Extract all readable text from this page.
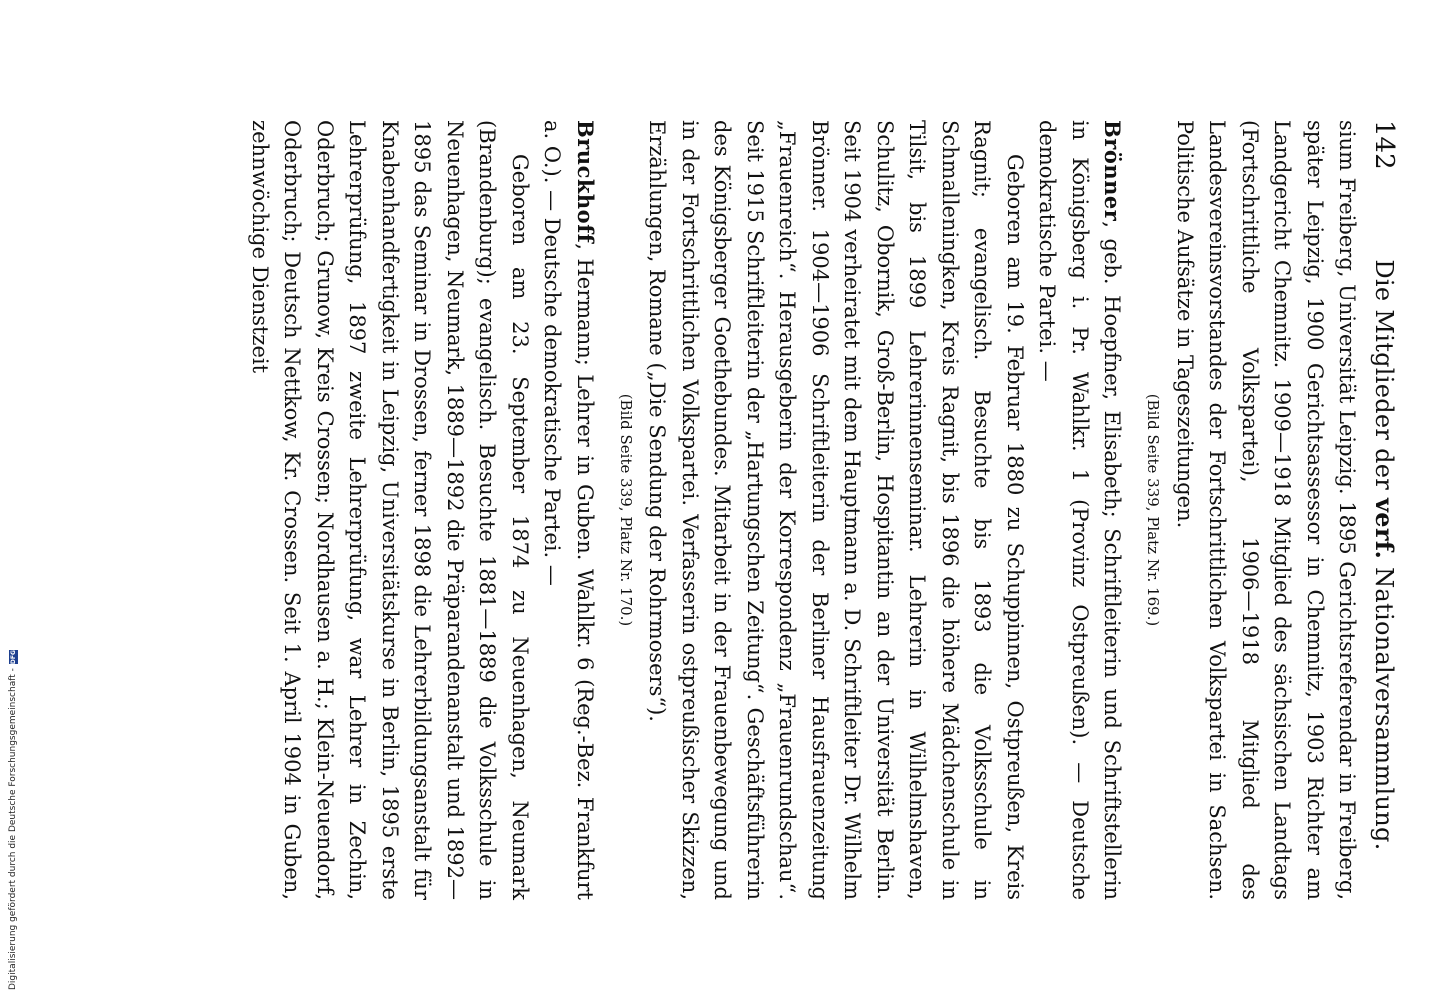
Digitalisierung gefördert durch die Deutsche Forschungsgemeinschaft -
DFG
142
Die Mitglieder der verf. Nationalversammlung.

sium Freiberg, Universität Leipzig. 1895 Gerichtsreferendar in Freiberg, später Leipzig, 1900 Gerichtsassessor in Chemnitz, 1903 Richter am Landgericht Chemnitz. 1909—1918 Mitglied des sächsischen Landtags (Fortschrittliche Volkspartei), 1906—1918 Mitglied des Landesvereinsvorstandes der Fortschrittlichen Volkspartei in Sachsen. Politische Aufsätze in Tageszeitungen.

(Bild Seite 339, Platz Nr. 169.)

Brönner, geb. Hoepfner, Elisabeth; Schriftleiterin und Schriftstellerin in Königsberg i. Pr. Wahlkr. 1 (Provinz Ostpreußen). — Deutsche demokratische Partei. —

Geboren am 19. Februar 1880 zu Schuppinnen, Ostpreußen, Kreis Ragnit; evangelisch. Besuchte bis 1893 die Volksschule in Schmalleningken, Kreis Ragnit, bis 1896 die höhere Mädchenschule in Tilsit, bis 1899 Lehrerinnenseminar. Lehrerin in Wilhelmshaven, Schulitz, Obornik, Groß-Berlin, Hospitantin an der Universität Berlin. Seit 1904 verheiratet mit dem Hauptmann a. D. Schriftleiter Dr. Wilhelm Brönner. 1904—1906 Schriftleiterin der Berliner Hausfrauenzeitung „Frauenreich“. Herausgeberin der Korrespondenz „Frauenrundschau“. Seit 1915 Schriftleiterin der „Hartungschen Zeitung“. Geschäftsführerin des Königsberger Goethebundes. Mitarbeit in der Frauenbewegung und in der Fortschrittlichen Volkspartei. Verfasserin ostpreußischer Skizzen, Erzählungen, Romane („Die Sendung der Rohrmosers“).

(Bild Seite 339, Platz Nr. 170.)

Bruckhoff, Hermann; Lehrer in Guben. Wahlkr. 6 (Reg.-Bez. Frankfurt a. O.). — Deutsche demokratische Partei. —

Geboren am 23. September 1874 zu Neuenhagen, Neumark (Brandenburg); evangelisch. Besuchte 1881—1889 die Volksschule in Neuenhagen, Neumark, 1889—1892 die Präparandenanstalt und 1892—1895 das Seminar in Drossen, ferner 1898 die Lehrerbildungsanstalt für Knabenhandfertigkeit in Leipzig, Universitätskurse in Berlin, 1895 erste Lehrerprüfung, 1897 zweite Lehrerprüfung, war Lehrer in Zechin, Oderbruch; Grunow, Kreis Crossen; Nordhausen a. H.; Klein-Neuendorf, Oderbruch; Deutsch Nettkow, Kr. Crossen. Seit 1. April 1904 in Guben, zehnwöchige Dienstzeit
